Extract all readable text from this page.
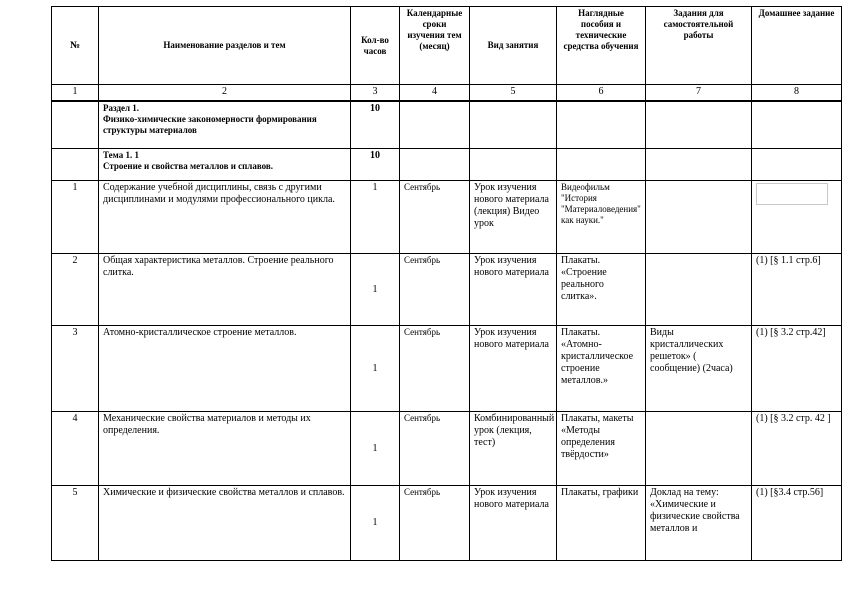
№	Наименование разделов и тем	Кол-во часов	Календарные сроки изучения тем (месяц)	Вид занятия	Наглядные пособия и технические средства обучения	Задания для самостоятельной работы	Домашнее задание
1	2	3	4	5	6	7	8

	Раздел 1.
Физико-химические закономерности формирования структуры материалов	10					

	Тема 1. 1
Строение и свойства металлов и сплавов.	10					
1	Содержание учебной дисциплины, связь с другими дисциплинами и модулями профессионального цикла.	1	Сентябрь	Урок изучения нового материала (лекция) Видео урок	Видеофильм "История "Материаловедения" как науки."		

2	Общая характеристика металлов. Строение реального слитка.	1	Сентябрь	Урок изучения нового материала	Плакаты. «Строение реального слитка».		(1) [§ 1.1 стр.6]
3	Атомно-кристаллическое строение металлов.	1	Сентябрь	Урок изучения нового материала	Плакаты. «Атомно-кристаллическое строение металлов.»	Виды кристаллических решеток» ( сообщение) (2часа)	(1) [§ 3.2 стр.42]
4	Механические свойства материалов и методы их определения.	1	Сентябрь	Комбинированный урок (лекция, тест)	Плакаты, макеты «Методы определения твёрдости»		(1) [§ 3.2 стр. 42 ]
5	Химические и физические свойства металлов и сплавов.	1	Сентябрь	Урок изучения нового материала	Плакаты, графики	Доклад на тему: «Химические и физические свойства металлов и	(1) [§3.4 стр.56]
